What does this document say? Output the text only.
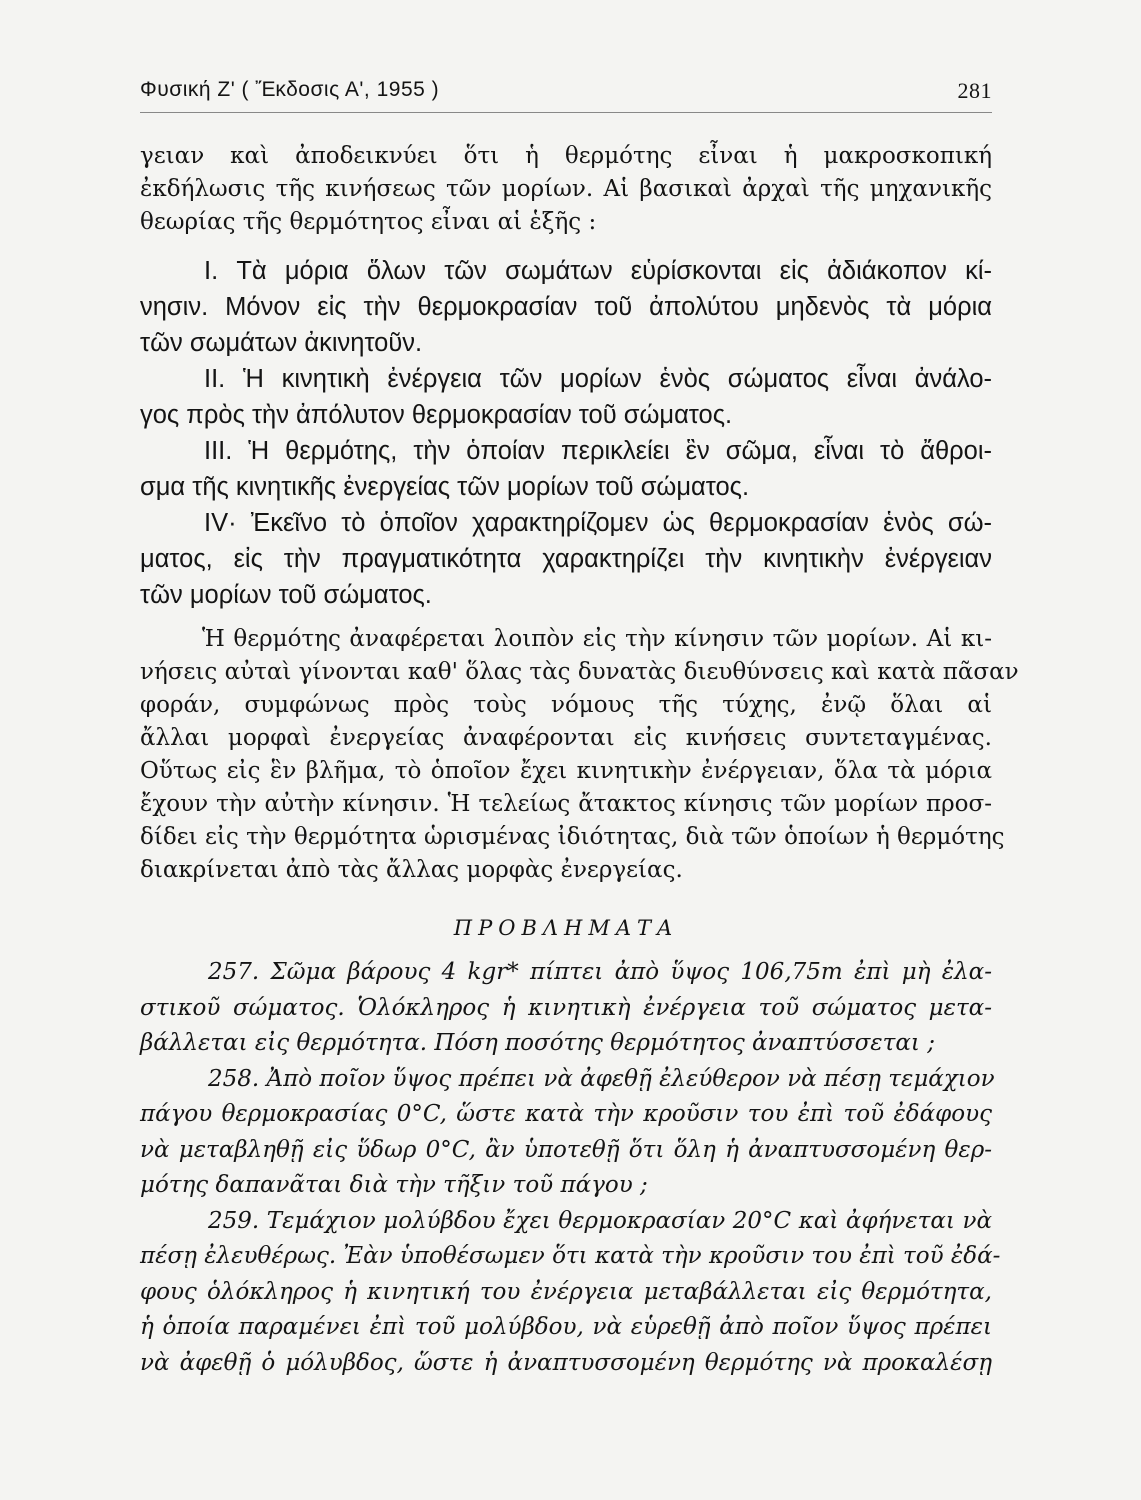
Φυσική Ζ' ( Ἔκδοσις Α', 1955 )	281

γειαν καὶ ἀποδεικνύει ὅτι ἡ θερμότης εἶναι ἡ μακροσκοπική

ἐκδήλωσις τῆς κινήσεως τῶν μορίων. Αἱ βασικαὶ ἀρχαὶ τῆς μηχανικῆς

θεωρίας τῆς θερμότητος εἶναι αἱ ἑξῆς :

I. Τὰ μόρια ὅλων τῶν σωμάτων εὑρίσκονται εἰς ἀδιάκοπον κί-

νησιν. Μόνον εἰς τὴν θερμοκρασίαν τοῦ ἀπολύτου μηδενὸς τὰ μόρια

τῶν σωμάτων ἀκινητοῦν.

II. Ἡ κινητικὴ ἐνέργεια τῶν μορίων ἑνὸς σώματος εἶναι ἀνάλο-

γος πρὸς τὴν ἀπόλυτον θερμοκρασίαν τοῦ σώματος.

III. Ἡ θερμότης, τὴν ὁποίαν περικλείει ἓν σῶμα, εἶναι τὸ ἄθροι-

σμα τῆς κινητικῆς ἐνεργείας τῶν μορίων τοῦ σώματος.

IV· Ἐκεῖνο τὸ ὁποῖον χαρακτηρίζομεν ὡς θερμοκρασίαν ἑνὸς σώ-

ματος, εἰς τὴν πραγματικότητα χαρακτηρίζει τὴν κινητικὴν ἐνέργειαν

τῶν μορίων τοῦ σώματος.

Ἡ θερμότης ἀναφέρεται λοιπὸν εἰς τὴν κίνησιν τῶν μορίων. Αἱ κι-

νήσεις αὐταὶ γίνονται καθ' ὅλας τὰς δυνατὰς διευθύνσεις καὶ κατὰ πᾶσαν

φοράν, συμφώνως πρὸς τοὺς νόμους τῆς τύχης, ἐνῷ ὅλαι αἱ

ἄλλαι μορφαὶ ἐνεργείας ἀναφέρονται εἰς κινήσεις συντεταγμένας.

Οὕτως εἰς ἓν βλῆμα, τὸ ὁποῖον ἔχει κινητικὴν ἐνέργειαν, ὅλα τὰ μόρια

ἔχουν τὴν αὐτὴν κίνησιν. Ἡ τελείως ἄτακτος κίνησις τῶν μορίων προσ-

δίδει εἰς τὴν θερμότητα ὡρισμένας ἰδιότητας, διὰ τῶν ὁποίων ἡ θερμότης

διακρίνεται ἀπὸ τὰς ἄλλας μορφὰς ἐνεργείας.

ΠΡΟΒΛΗΜΑΤΑ

257. Σῶμα βάρους 4 kgr* πίπτει ἀπὸ ὕψος 106,75m ἐπὶ μὴ ἐλα-

στικοῦ σώματος. Ὁλόκληρος ἡ κινητικὴ ἐνέργεια τοῦ σώματος μετα-

βάλλεται εἰς θερμότητα. Πόση ποσότης θερμότητος ἀναπτύσσεται ;

258. Ἀπὸ ποῖον ὕψος πρέπει νὰ ἀφεθῇ ἐλεύθερον νὰ πέσῃ τεμάχιον

πάγου θερμοκρασίας 0°C, ὥστε κατὰ τὴν κροῦσιν του ἐπὶ τοῦ ἐδάφους

νὰ μεταβληθῇ εἰς ὕδωρ 0°C, ἂν ὑποτεθῇ ὅτι ὅλη ἡ ἀναπτυσσομένη θερ-

μότης δαπανᾶται διὰ τὴν τῆξιν τοῦ πάγου ;

259. Τεμάχιον μολύβδου ἔχει θερμοκρασίαν 20°C καὶ ἀφήνεται νὰ

πέσῃ ἐλευθέρως. Ἐὰν ὑποθέσωμεν ὅτι κατὰ τὴν κροῦσιν του ἐπὶ τοῦ ἐδά-

φους ὁλόκληρος ἡ κινητική του ἐνέργεια μεταβάλλεται εἰς θερμότητα,

ἡ ὁποία παραμένει ἐπὶ τοῦ μολύβδου, νὰ εὑρεθῇ ἀπὸ ποῖον ὕψος πρέπει

νὰ ἀφεθῇ ὁ μόλυβδος, ὥστε ἡ ἀναπτυσσομένη θερμότης νὰ προκαλέσῃ
